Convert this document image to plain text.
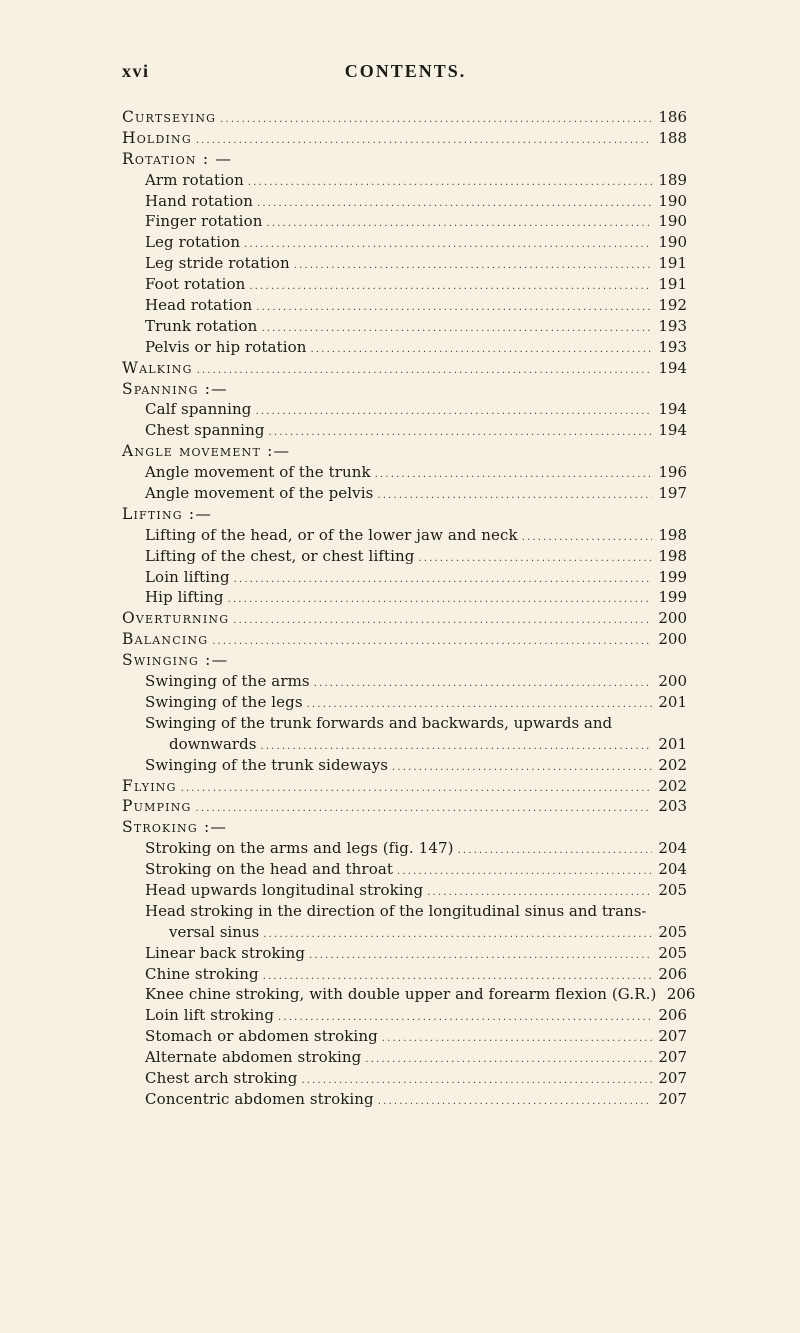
xvi	CONTENTS.
Curtseying . . .	186
Holding . . .	188
Rotation : —
Arm rotation . . .	189
Hand rotation . . .	190
Finger rotation . . .	190
Leg rotation . . .	190
Leg stride rotation . . .	191
Foot rotation . . .	191
Head rotation . . .	192
Trunk rotation . . .	193
Pelvis or hip rotation . . .	193
Walking . . .	194
Spanning :—
Calf spanning . . .	194
Chest spanning . . .	194
Angle movement :—
Angle movement of the trunk . . .	196
Angle movement of the pelvis . . .	197
Lifting :—
Lifting of the head, or of the lower jaw and neck . . .	198
Lifting of the chest, or chest lifting . . .	198
Loin lifting . . .	199
Hip lifting . . .	199
Overturning . . .	200
Balancing . . .	200
Swinging :—
Swinging of the arms . . .	200
Swinging of the legs . . .	201
Swinging of the trunk forwards and backwards, upwards and
downwards . . .	201
Swinging of the trunk sideways . . .	202
Flying . . .	202
Pumping . . .	203
Stroking :—
Stroking on the arms and legs (fig. 147) . . .	204
Stroking on the head and throat . . .	204
Head upwards longitudinal stroking . . .	205
Head stroking in the direction of the longitudinal sinus and trans-
versal sinus . . .	205
Linear back stroking . . .	205
Chine stroking . . .	206
Knee chine stroking, with double upper and forearm flexion (G.R.) 206
Loin lift stroking . . .	206
Stomach or abdomen stroking . . .	207
Alternate abdomen stroking . . .	207
Chest arch stroking . . .	207
Concentric abdomen stroking . . .	207
